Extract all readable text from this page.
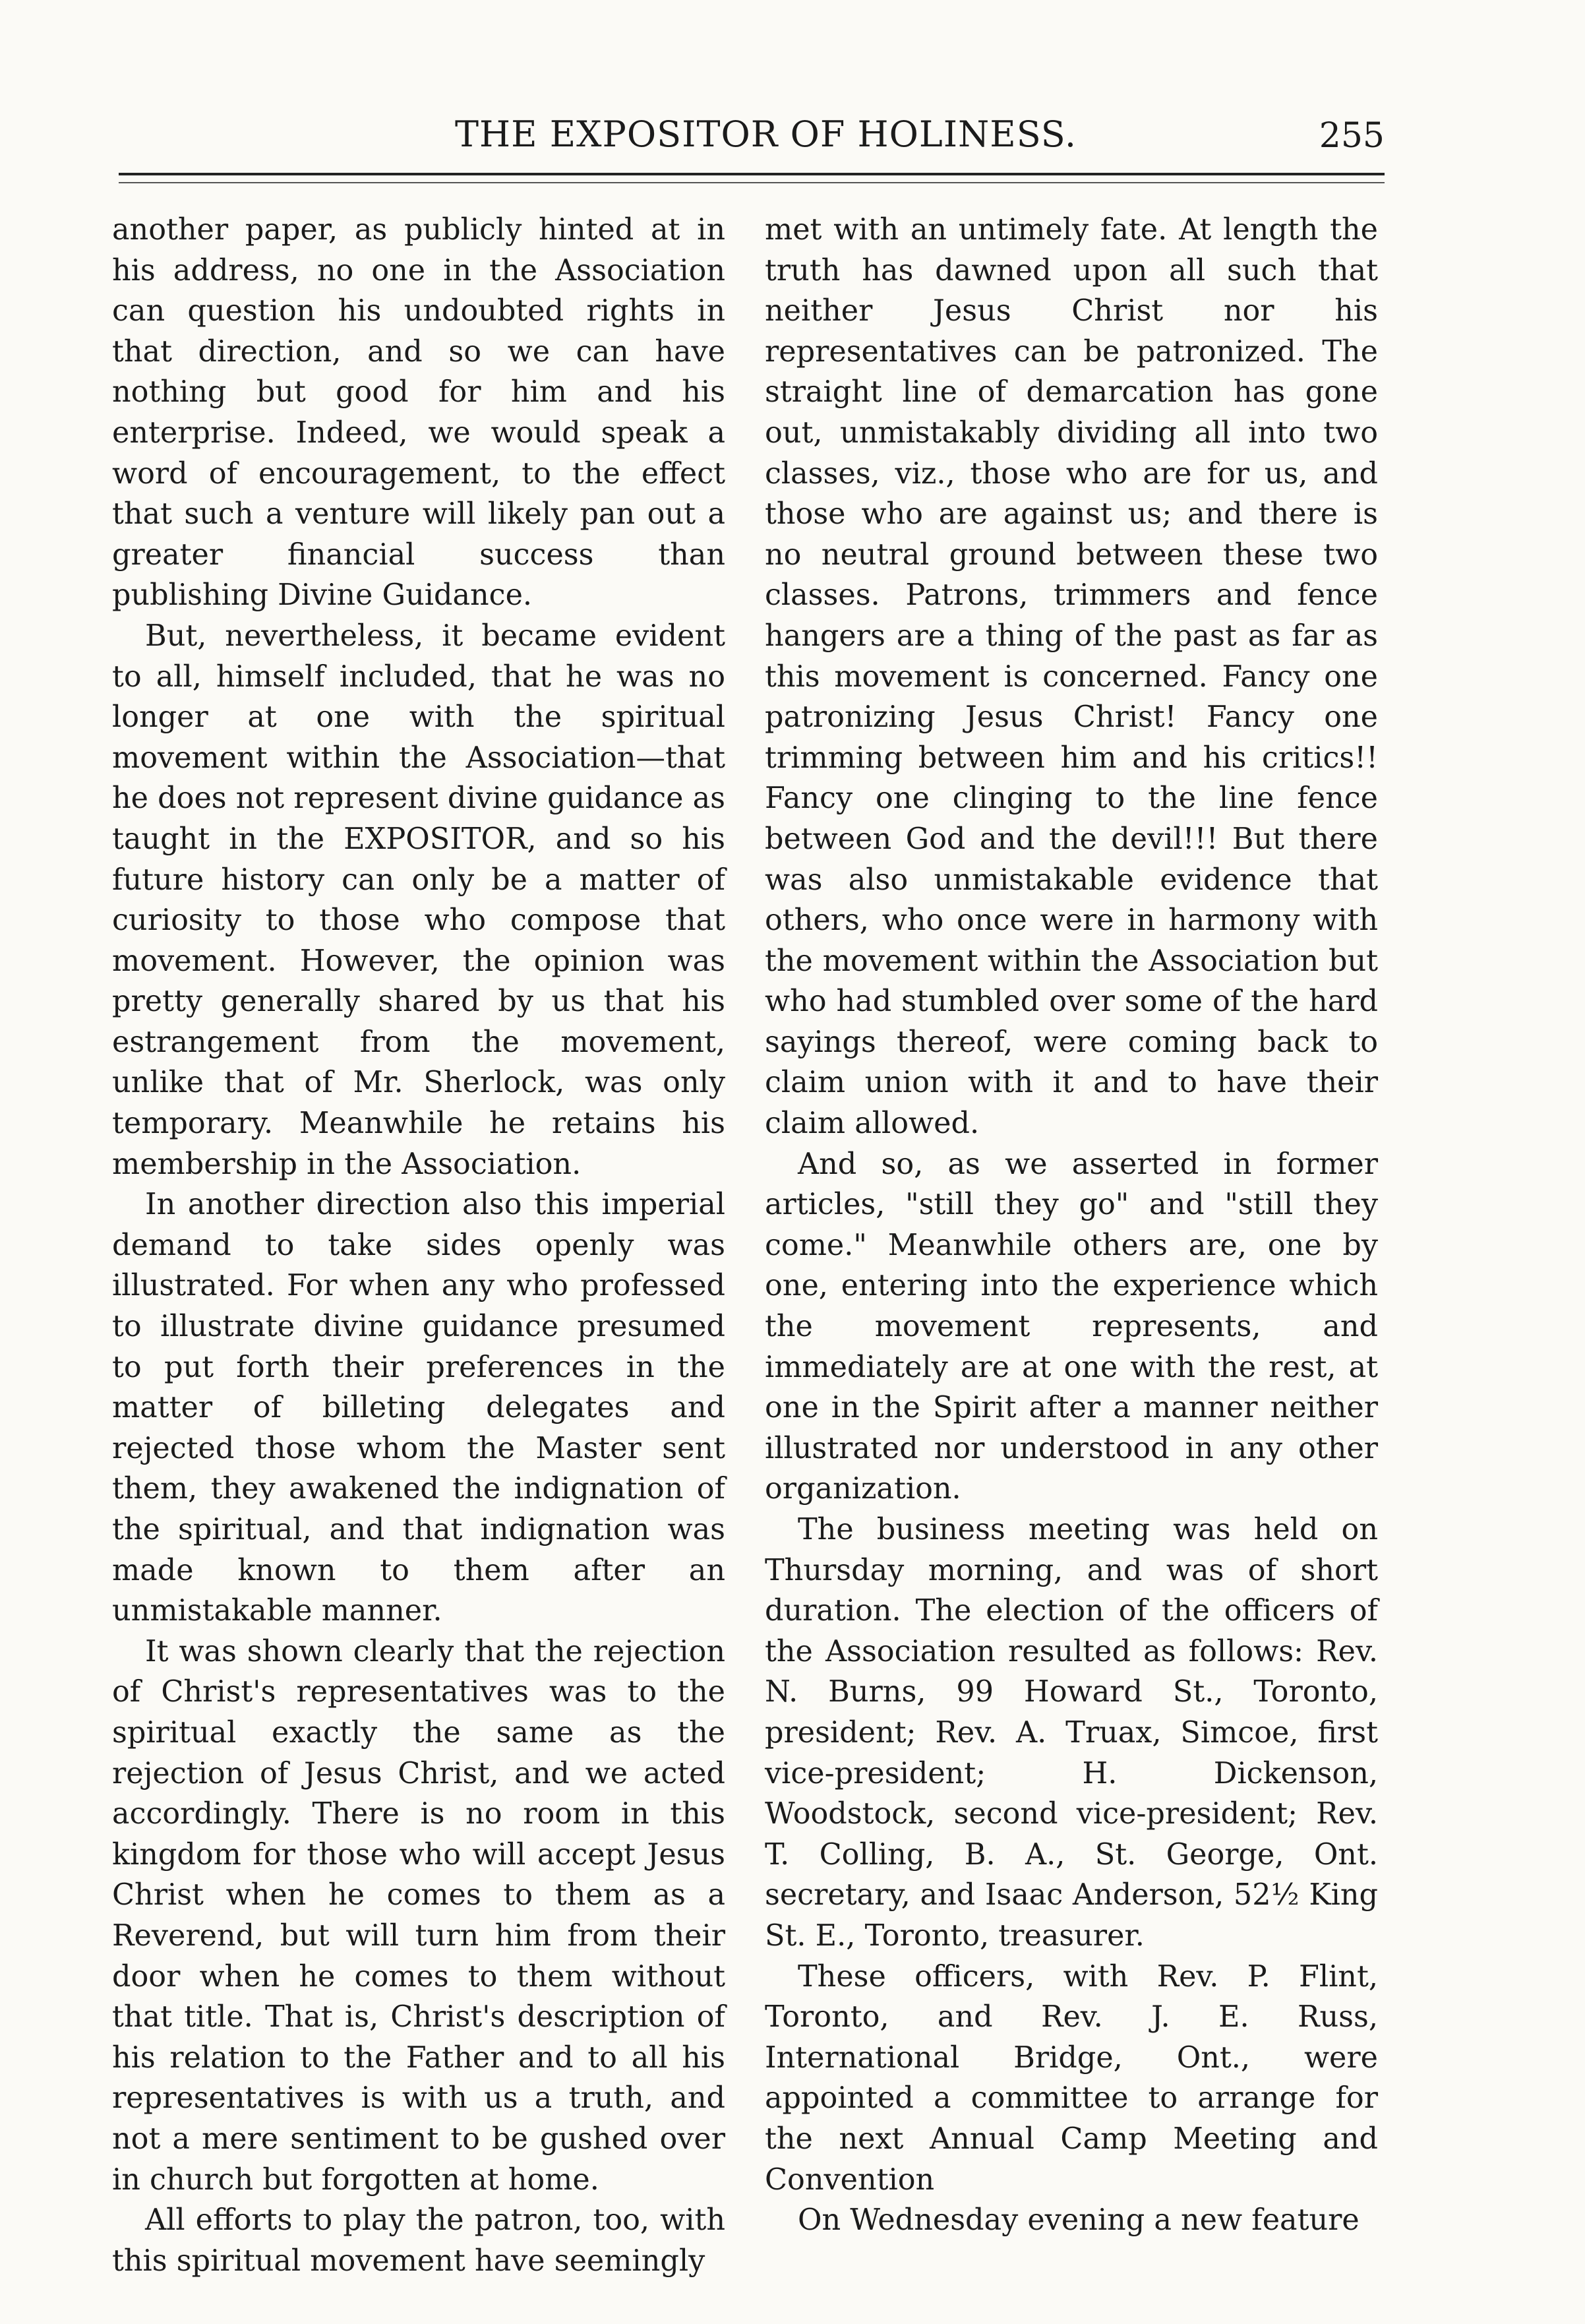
THE EXPOSITOR OF HOLINESS.	255

another paper, as publicly hinted at in his address, no one in the Association can question his undoubted rights in that direction, and so we can have nothing but good for him and his enterprise. Indeed, we would speak a word of encouragement, to the effect that such a venture will likely pan out a greater financial success than publishing Divine Guidance.

But, nevertheless, it became evident to all, himself included, that he was no longer at one with the spiritual movement within the Association—that he does not represent divine guidance as taught in the EXPOSITOR, and so his future history can only be a matter of curiosity to those who compose that movement. However, the opinion was pretty generally shared by us that his estrangement from the movement, unlike that of Mr. Sherlock, was only temporary. Meanwhile he retains his membership in the Association.

In another direction also this imperial demand to take sides openly was illustrated. For when any who professed to illustrate divine guidance presumed to put forth their preferences in the matter of billeting delegates and rejected those whom the Master sent them, they awakened the indignation of the spiritual, and that indignation was made known to them after an unmistakable manner.

It was shown clearly that the rejection of Christ's representatives was to the spiritual exactly the same as the rejection of Jesus Christ, and we acted accordingly. There is no room in this kingdom for those who will accept Jesus Christ when he comes to them as a Reverend, but will turn him from their door when he comes to them without that title. That is, Christ's description of his relation to the Father and to all his representatives is with us a truth, and not a mere sentiment to be gushed over in church but forgotten at home.

All efforts to play the patron, too, with this spiritual movement have seemingly

met with an untimely fate. At length the truth has dawned upon all such that neither Jesus Christ nor his representatives can be patronized. The straight line of demarcation has gone out, unmistakably dividing all into two classes, viz., those who are for us, and those who are against us; and there is no neutral ground between these two classes. Patrons, trimmers and fence hangers are a thing of the past as far as this movement is concerned. Fancy one patronizing Jesus Christ! Fancy one trimming between him and his critics!! Fancy one clinging to the line fence between God and the devil!!! But there was also unmistakable evidence that others, who once were in harmony with the movement within the Association but who had stumbled over some of the hard sayings thereof, were coming back to claim union with it and to have their claim allowed.

And so, as we asserted in former articles, "still they go" and "still they come." Meanwhile others are, one by one, entering into the experience which the movement represents, and immediately are at one with the rest, at one in the Spirit after a manner neither illustrated nor understood in any other organization.

The business meeting was held on Thursday morning, and was of short duration. The election of the officers of the Association resulted as follows: Rev. N. Burns, 99 Howard St., Toronto, president; Rev. A. Truax, Simcoe, first vice-president; H. Dickenson, Woodstock, second vice-president; Rev. T. Colling, B. A., St. George, Ont. secretary, and Isaac Anderson, 52½ King St. E., Toronto, treasurer.

These officers, with Rev. P. Flint, Toronto, and Rev. J. E. Russ, International Bridge, Ont., were appointed a committee to arrange for the next Annual Camp Meeting and Convention

On Wednesday evening a new feature
